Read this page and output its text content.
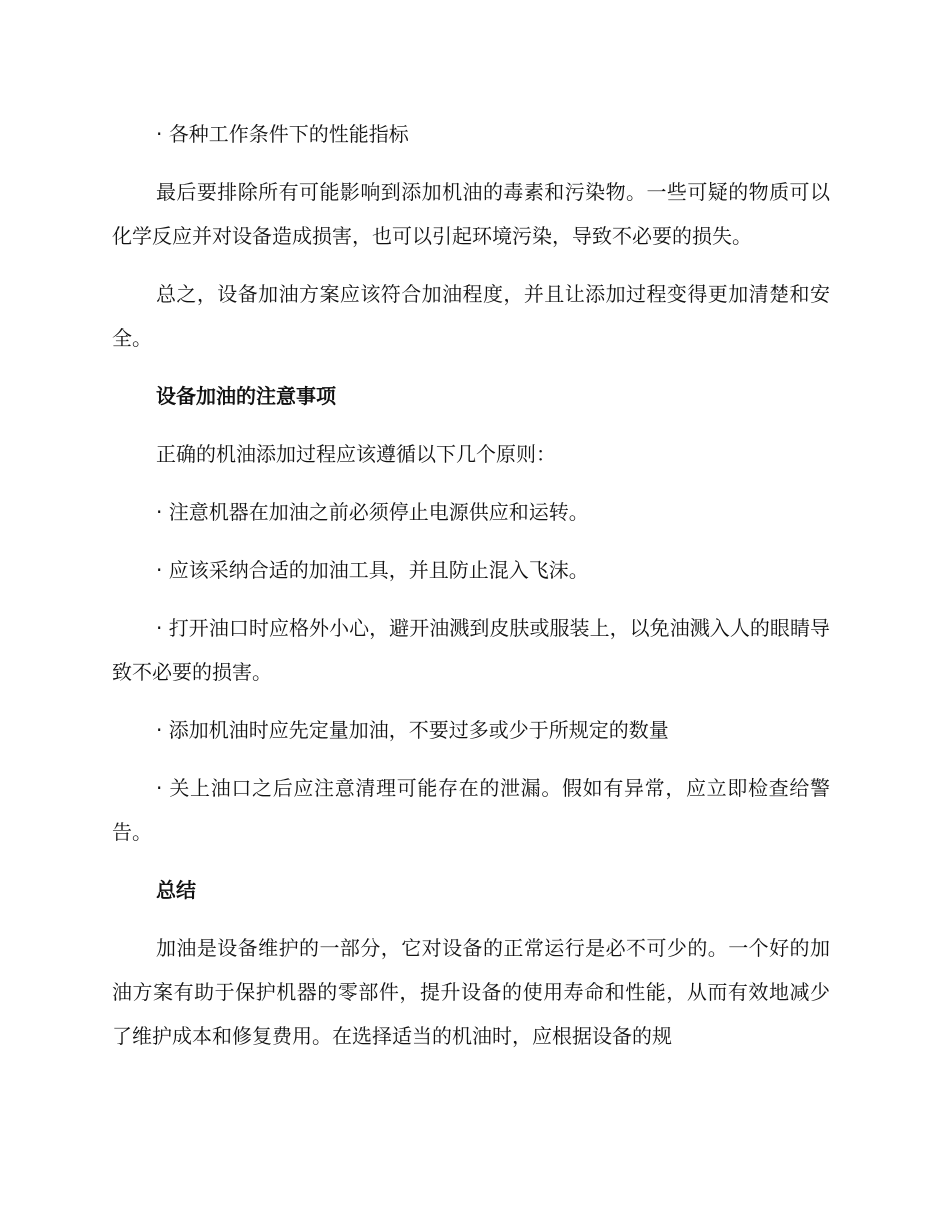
· 各种工作条件下的性能指标

最后要排除所有可能影响到添加机油的毒素和污染物。一些可疑的物质可以化学反应并对设备造成损害，也可以引起环境污染，导致不必要的损失。

总之，设备加油方案应该符合加油程度，并且让添加过程变得更加清楚和安全。

设备加油的注意事项

正确的机油添加过程应该遵循以下几个原则：

· 注意机器在加油之前必须停止电源供应和运转。

· 应该采纳合适的加油工具，并且防止混入飞沫。

· 打开油口时应格外小心，避开油溅到皮肤或服装上，以免油溅入人的眼睛导致不必要的损害。

· 添加机油时应先定量加油，不要过多或少于所规定的数量

· 关上油口之后应注意清理可能存在的泄漏。假如有异常，应立即检查给警告。

总结

加油是设备维护的一部分，它对设备的正常运行是必不可少的。一个好的加油方案有助于保护机器的零部件，提升设备的使用寿命和性能，从而有效地减少了维护成本和修复费用。在选择适当的机油时，应根据设备的规
